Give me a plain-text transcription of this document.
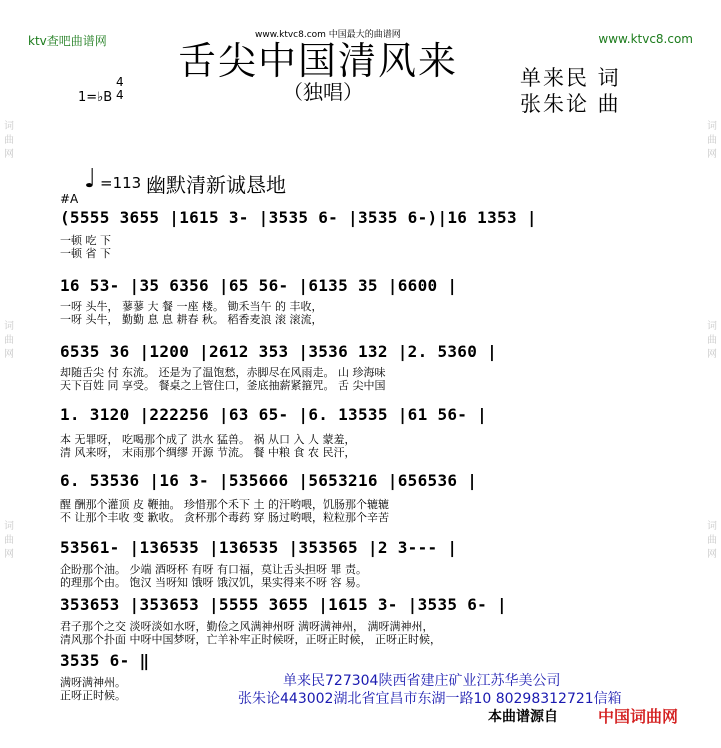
词曲网
词曲网
词曲网
词曲网
词曲网
词曲网
ktv查吧曲谱网	www.ktvc8.com
www.ktvc8.com 中国最大的曲谱网
舌尖中国清风来
（独唱）
1=♭B
4
4
单来民 词
张朱论 曲
♩ =113 幽默清新诚恳地
#A
(5555 3655 |1615 3- |3535 6- |3535 6-)|16 1353 |
一顿 吃 下
一顿 省 下
16 53- |35 6356 |65 56- |6135 35 |6600 |
一呀 头牛， 蓼蓼 大 餐 一座 楼。 锄禾当午 的 丰收，
一呀 头牛， 勤勤 息 息 耕春 秋。 稻香麦浪 滚 滚流，
6535 36 |1200 |2612 353 |3536 132 |2. 5360 |
却随舌尖 付 东流。 还是为了温饱愁，赤脚尽在风雨走。 山 珍海味
天下百姓 同 享受。 餐桌之上管住口，釜底抽薪紧箍咒。 舌 尖中国
1. 3120 |222256 |63 65- |6. 13535 |61 56- |
本 无罪呀， 吃喝那个成了 洪水 猛兽。 祸 从口 入 人 蒙羞，
清 风来呀， 末雨那个绸缪 开源 节流。 餐 中粮 食 农 民汗，
6. 53536 |16 3- |535666 |5653216 |656536 |
醒 酬那个灌顶 皮 鞭抽。 珍惜那个禾下 土 的汗哟喂，饥肠那个辘辘
不 让那个丰收 变 歉收。 贪杯那个毒药 穿 肠过哟喂，粒粒那个辛苦
53561- |136535 |136535 |353565 |2 3--- |
企盼那个油。 少端 酒呀杯 有呀 有口福，莫让舌头担呀 罪 责。
的理那个由。 饱汉 当呀知 饿呀 饿汉饥，果实得来不呀 容 易。
353653 |353653 |5555 3655 |1615 3- |3535 6- |
君子那个之交 淡呀淡如水呀，勤俭之风满神州呀 满呀满神州， 满呀满神州，
清风那个扑面 中呀中国梦呀，亡羊补牢正时候呀，正呀正时候， 正呀正时候，
3535 6- ‖
满呀满神州。
正呀正时候。
单来民727304陕西省建庄矿业江苏华美公司
张朱论443002湖北省宜昌市东湖一路10 80298312721信箱
本曲谱源自	中国词曲网
